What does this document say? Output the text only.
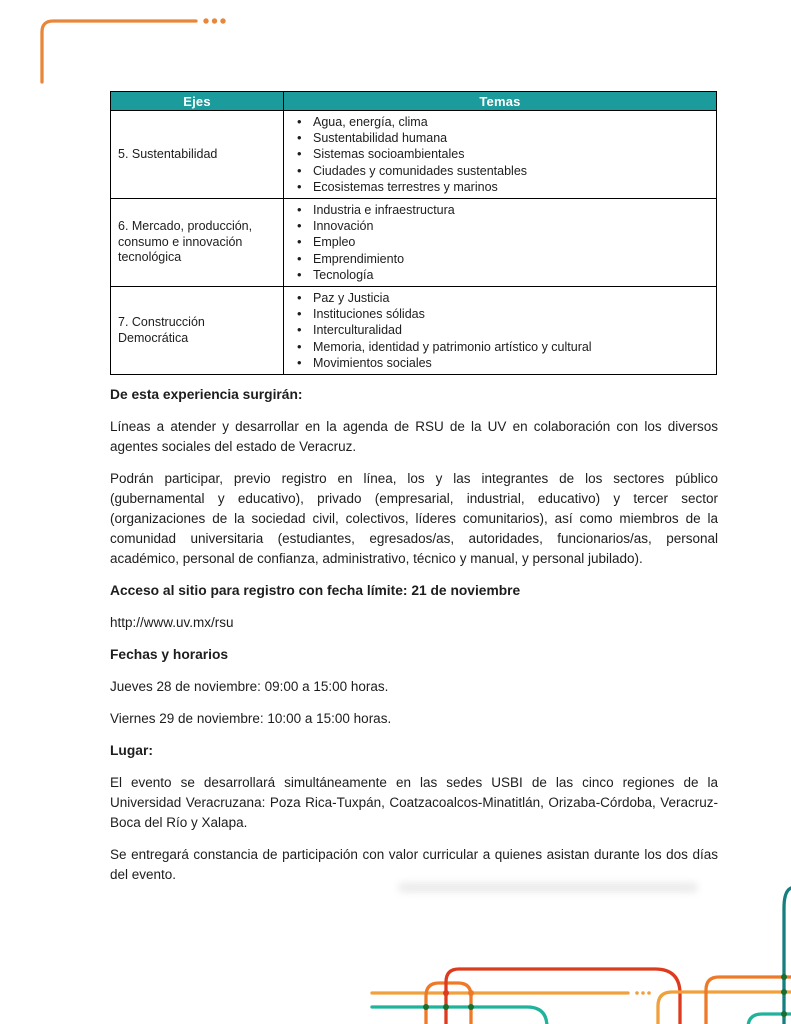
Ejes	Temas
5. Sustentabilidad	
• Agua, energía, clima
• Sustentabilidad humana
• Sistemas socioambientales
• Ciudades y comunidades sustentables
• Ecosistemas terrestres y marinos

6. Mercado, producción, consumo e innovación tecnológica	
• Industria e infraestructura
• Innovación
• Empleo
• Emprendimiento
• Tecnología

7. Construcción Democrática	
• Paz y Justicia
• Instituciones sólidas
• Interculturalidad
• Memoria, identidad y patrimonio artístico y cultural
• Movimientos sociales

De esta experiencia surgirán:

Líneas a atender y desarrollar en la agenda de RSU de la UV en colaboración con los diversos agentes sociales del estado de Veracruz.

Podrán participar, previo registro en línea, los y las integrantes de los sectores público (gubernamental y educativo), privado (empresarial, industrial, educativo) y tercer sector (organizaciones de la sociedad civil, colectivos, líderes comunitarios), así como miembros de la comunidad universitaria (estudiantes, egresados/as, autoridades, funcionarios/as, personal académico, personal de confianza, administrativo, técnico y manual, y personal jubilado).

Acceso al sitio para registro con fecha límite: 21 de noviembre

http://www.uv.mx/rsu

Fechas y horarios

Jueves 28 de noviembre: 09:00 a 15:00 horas.

Viernes 29 de noviembre: 10:00 a 15:00 horas.

Lugar:

El evento se desarrollará simultáneamente en las sedes USBI de las cinco regiones de la Universidad Veracruzana: Poza Rica-Tuxpán, Coatzacoalcos-Minatitlán, Orizaba-Córdoba, Veracruz- Boca del Río y Xalapa.

Se entregará constancia de participación con valor curricular a quienes asistan durante los dos días del evento.
